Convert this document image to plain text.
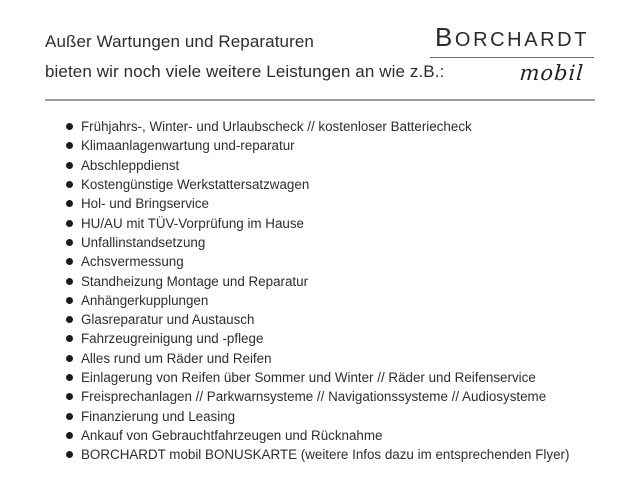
Außer Wartungen und Reparaturen

bieten wir noch viele weitere Leistungen an wie z.B.:

BORCHARDT
mobil
Frühjahrs-, Winter- und Urlaubscheck // kostenloser Batteriecheck
Klimaanlagenwartung und-reparatur
Abschleppdienst
Kostengünstige Werkstattersatzwagen
Hol- und Bringservice
HU/AU mit TÜV-Vorprüfung im Hause
Unfallinstandsetzung
Achsvermessung
Standheizung Montage und Reparatur
Anhängerkupplungen
Glasreparatur und Austausch
Fahrzeugreinigung und -pflege
Alles rund um Räder und Reifen
Einlagerung von Reifen über Sommer und Winter // Räder und Reifenservice
Freisprechanlagen // Parkwarnsysteme // Navigationssysteme // Audiosysteme
Finanzierung und Leasing
Ankauf von Gebrauchtfahrzeugen und Rücknahme
BORCHARDT mobil BONUSKARTE (weitere Infos dazu im entsprechenden Flyer)
